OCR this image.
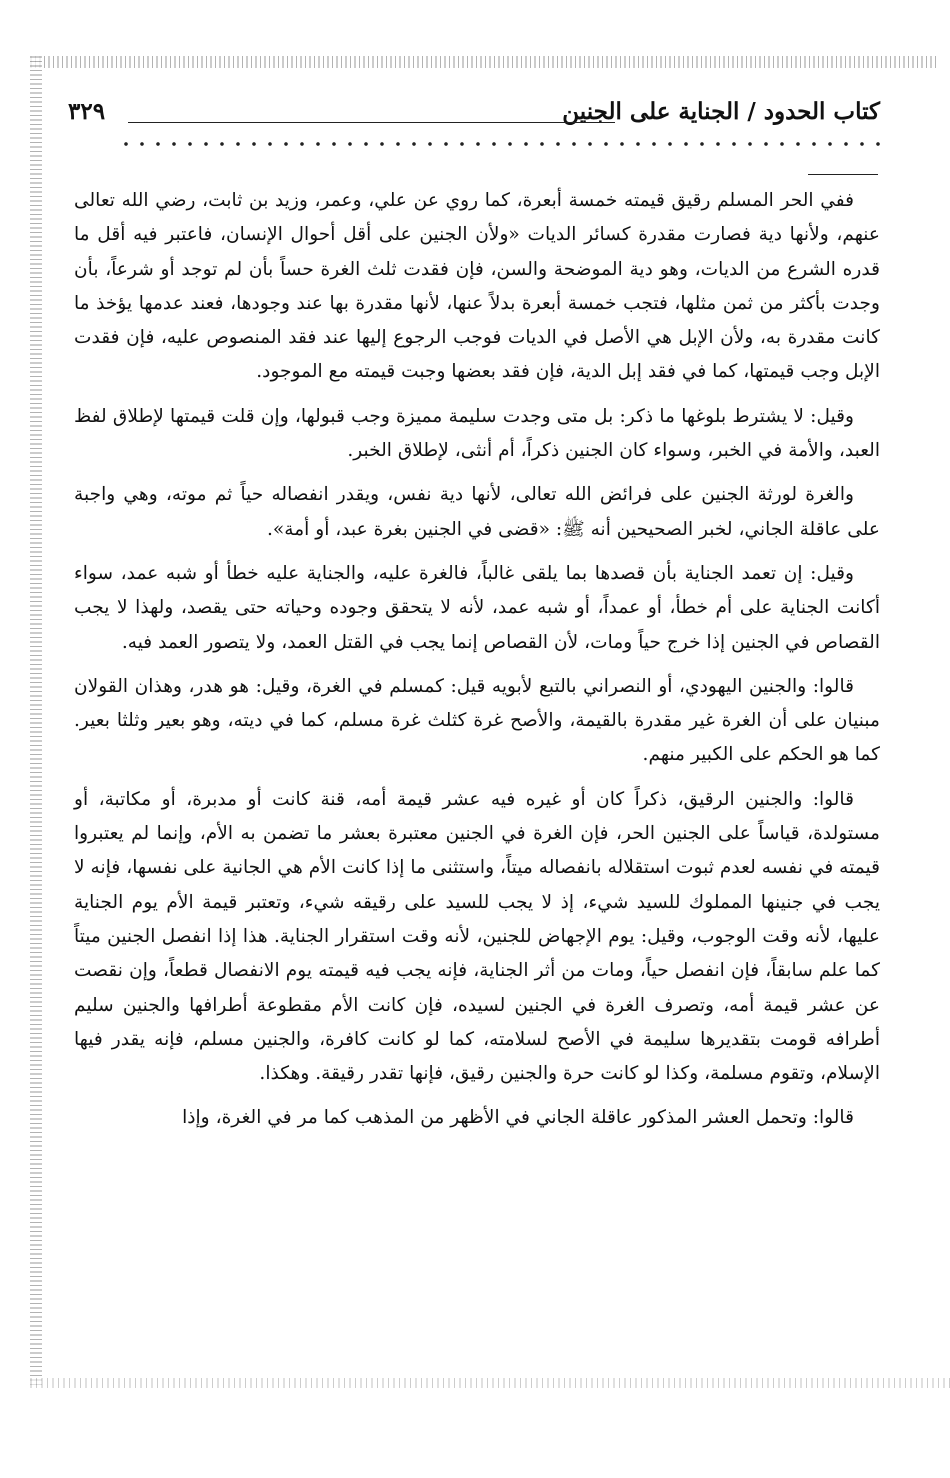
كتاب الحدود / الجناية على الجنين
٣٢٩

ففي الحر المسلم رقيق قيمته خمسة أبعرة، كما روي عن علي، وعمر، وزيد بن ثابت، رضي الله تعالى عنهم، ولأنها دية فصارت مقدرة كسائر الديات «ولأن الجنين على أقل أحوال الإنسان، فاعتبر فيه أقل ما قدره الشرع من الديات، وهو دية الموضحة والسن، فإن فقدت ثلث الغرة حساً بأن لم توجد أو شرعاً، بأن وجدت بأكثر من ثمن مثلها، فتجب خمسة أبعرة بدلاً عنها، لأنها مقدرة بها عند وجودها، فعند عدمها يؤخذ ما كانت مقدرة به، ولأن الإبل هي الأصل في الديات فوجب الرجوع إليها عند فقد المنصوص عليه، فإن فقدت الإبل وجب قيمتها، كما في فقد إبل الدية، فإن فقد بعضها وجبت قيمته مع الموجود.

وقيل: لا يشترط بلوغها ما ذكر: بل متى وجدت سليمة مميزة وجب قبولها، وإن قلت قيمتها لإطلاق لفظ العبد، والأمة في الخبر، وسواء كان الجنين ذكراً، أم أنثى، لإطلاق الخبر.

والغرة لورثة الجنين على فرائض الله تعالى، لأنها دية نفس، ويقدر انفصاله حياً ثم موته، وهي واجبة على عاقلة الجاني، لخبر الصحيحين أنه ﷺ: «قضى في الجنين بغرة عبد، أو أمة».

وقيل: إن تعمد الجناية بأن قصدها بما يلقى غالباً، فالغرة عليه، والجناية عليه خطأ أو شبه عمد، سواء أكانت الجناية على أم خطأ، أو عمداً، أو شبه عمد، لأنه لا يتحقق وجوده وحياته حتى يقصد، ولهذا لا يجب القصاص في الجنين إذا خرج حياً ومات، لأن القصاص إنما يجب في القتل العمد، ولا يتصور العمد فيه.

قالوا: والجنين اليهودي، أو النصراني بالتبع لأبويه قيل: كمسلم في الغرة، وقيل: هو هدر، وهذان القولان مبنيان على أن الغرة غير مقدرة بالقيمة، والأصح غرة كثلث غرة مسلم، كما في ديته، وهو بعير وثلثا بعير. كما هو الحكم على الكبير منهم.

قالوا: والجنين الرقيق، ذكراً كان أو غيره فيه عشر قيمة أمه، قنة كانت أو مدبرة، أو مكاتبة، أو مستولدة، قياساً على الجنين الحر، فإن الغرة في الجنين معتبرة بعشر ما تضمن به الأم، وإنما لم يعتبروا قيمته في نفسه لعدم ثبوت استقلاله بانفصاله ميتاً، واستثنى ما إذا كانت الأم هي الجانية على نفسها، فإنه لا يجب في جنينها المملوك للسيد شيء، إذ لا يجب للسيد على رقيقه شيء، وتعتبر قيمة الأم يوم الجناية عليها، لأنه وقت الوجوب، وقيل: يوم الإجهاض للجنين، لأنه وقت استقرار الجناية. هذا إذا انفصل الجنين ميتاً كما علم سابقاً، فإن انفصل حياً، ومات من أثر الجناية، فإنه يجب فيه قيمته يوم الانفصال قطعاً، وإن نقصت عن عشر قيمة أمه، وتصرف الغرة في الجنين لسيده، فإن كانت الأم مقطوعة أطرافها والجنين سليم أطرافه قومت بتقديرها سليمة في الأصح لسلامته، كما لو كانت كافرة، والجنين مسلم، فإنه يقدر فيها الإسلام، وتقوم مسلمة، وكذا لو كانت حرة والجنين رقيق، فإنها تقدر رقيقة. وهكذا.

قالوا: وتحمل العشر المذكور عاقلة الجاني في الأظهر من المذهب كما مر في الغرة، وإذا
